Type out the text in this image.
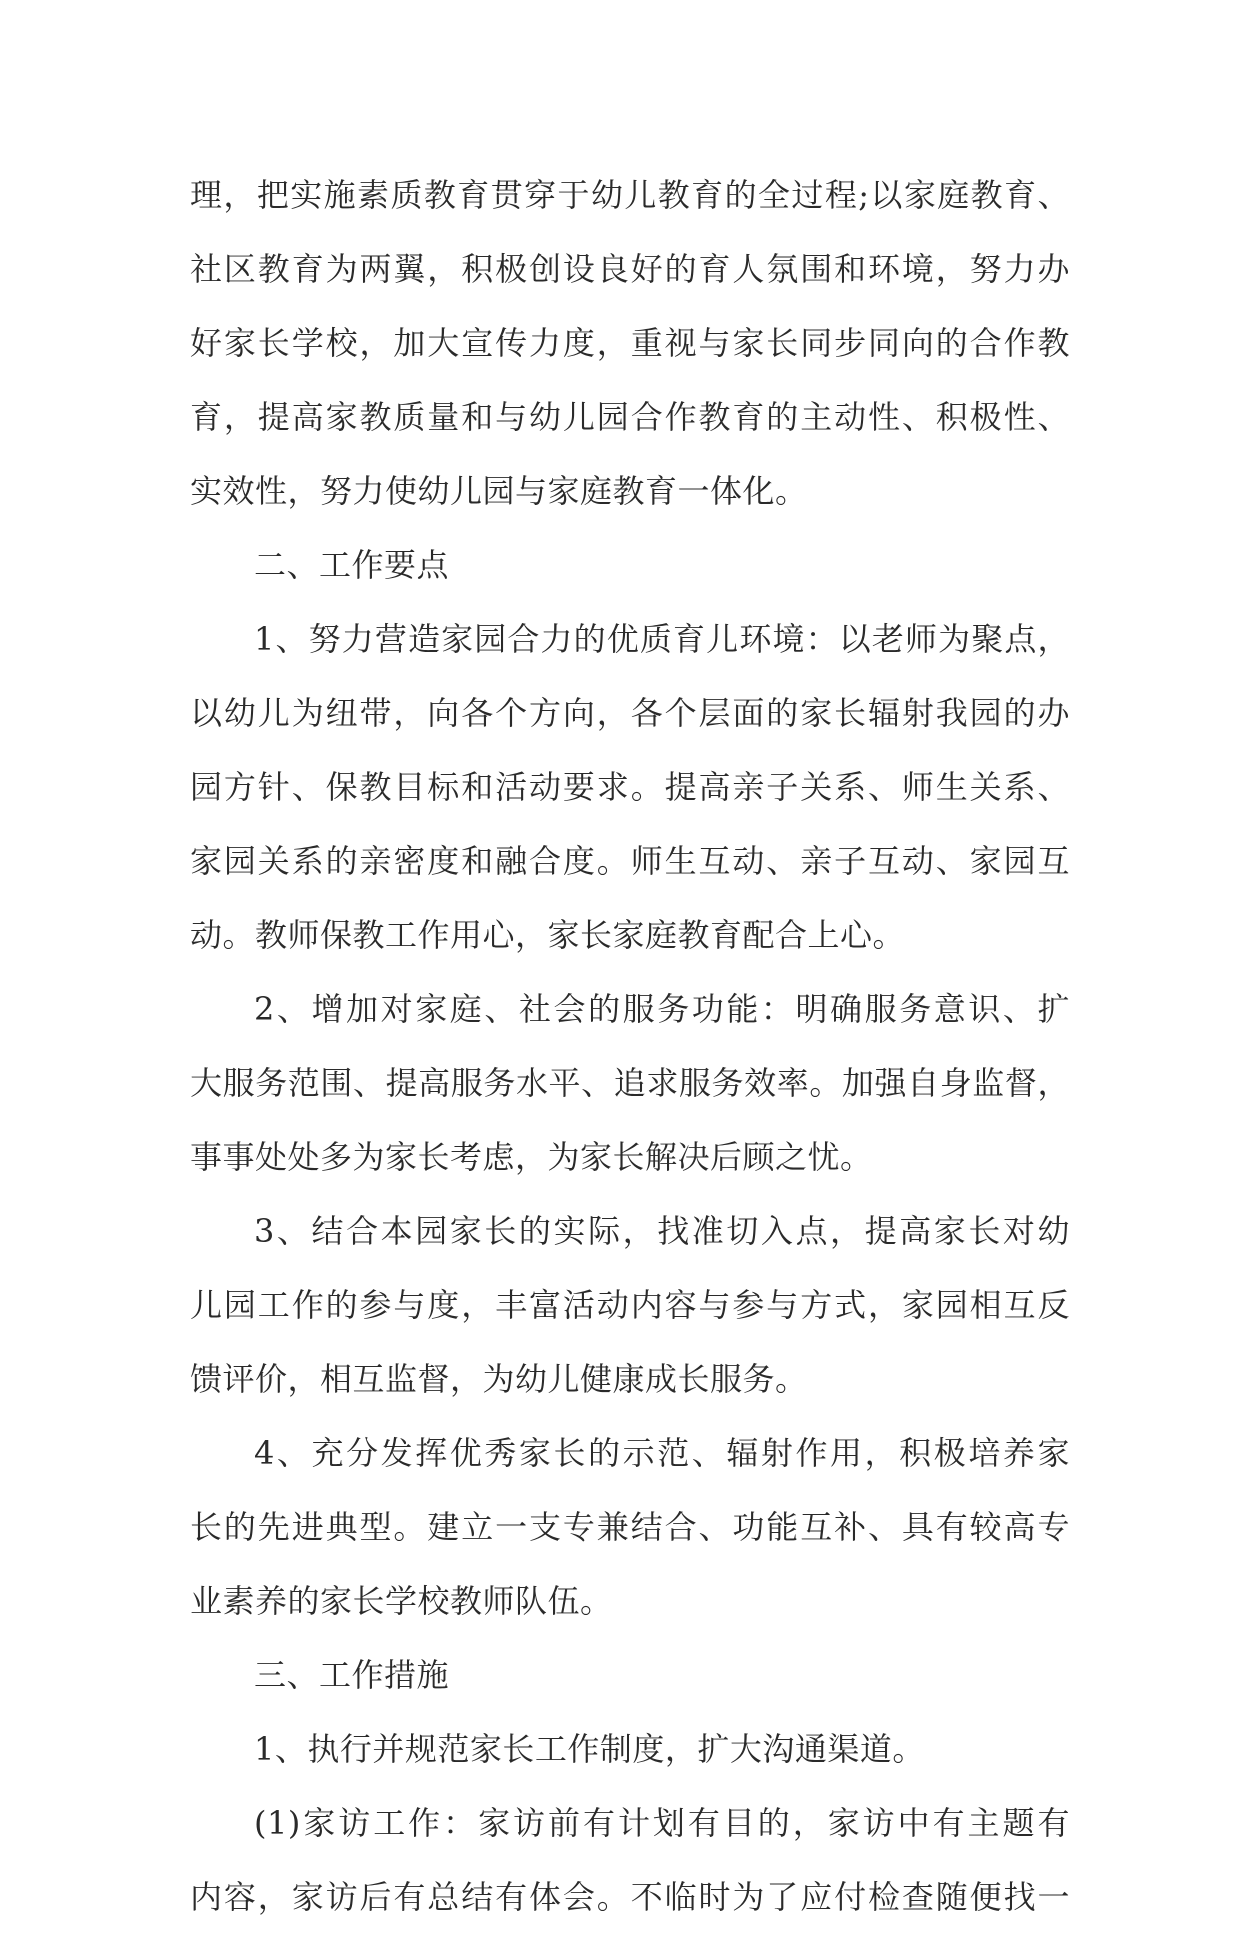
理，把实施素质教育贯穿于幼儿教育的全过程;以家庭教育、
社区教育为两翼，积极创设良好的育人氛围和环境，努力办
好家长学校，加大宣传力度，重视与家长同步同向的合作教
育，提高家教质量和与幼儿园合作教育的主动性、积极性、
实效性，努力使幼儿园与家庭教育一体化。
二、工作要点
1、努力营造家园合力的优质育儿环境：以老师为聚点，
以幼儿为纽带，向各个方向，各个层面的家长辐射我园的办
园方针、保教目标和活动要求。提高亲子关系、师生关系、
家园关系的亲密度和融合度。师生互动、亲子互动、家园互
动。教师保教工作用心，家长家庭教育配合上心。
2、增加对家庭、社会的服务功能：明确服务意识、扩
大服务范围、提高服务水平、追求服务效率。加强自身监督，
事事处处多为家长考虑，为家长解决后顾之忧。
3、结合本园家长的实际，找准切入点，提高家长对幼
儿园工作的参与度，丰富活动内容与参与方式，家园相互反
馈评价，相互监督，为幼儿健康成长服务。
4、充分发挥优秀家长的示范、辐射作用，积极培养家
长的先进典型。建立一支专兼结合、功能互补、具有较高专
业素养的家长学校教师队伍。
三、工作措施
1、执行并规范家长工作制度，扩大沟通渠道。
(1)家访工作：家访前有计划有目的，家访中有主题有
内容，家访后有总结有体会。不临时为了应付检查随便找一
